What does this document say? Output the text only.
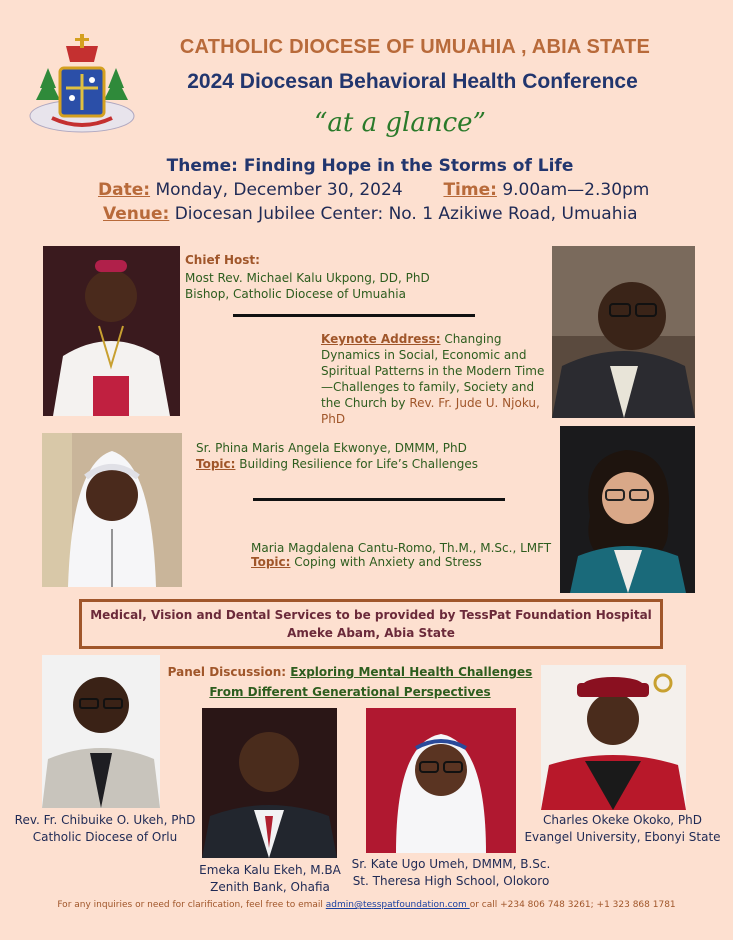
CATHOLIC DIOCESE OF UMUAHIA , ABIA STATE
2024 Diocesan Behavioral Health Conference
“at a glance”
Theme: Finding Hope in the Storms of Life
Date: Monday, December 30, 2024 Time: 9.00am—2.30pm
Venue: Diocesan Jubilee Center: No. 1 Azikiwe Road, Umuahia
Chief Host:
Most Rev. Michael Kalu Ukpong, DD, PhD
Bishop, Catholic Diocese of Umuahia
Keynote Address: Changing Dynamics in Social, Economic and Spiritual Patterns in the Modern Time—Challenges to family, Society and the Church by Rev. Fr. Jude U. Njoku, PhD
Sr. Phina Maris Angela Ekwonye, DMMM, PhD
Topic: Building Resilience for Life’s Challenges
Maria Magdalena Cantu-Romo, Th.M., M.Sc., LMFT
Topic: Coping with Anxiety and Stress
Medical, Vision and Dental Services to be provided by TessPat Foundation Hospital
Ameke Abam, Abia State
Panel Discussion: Exploring Mental Health Challenges
From Different Generational Perspectives
Rev. Fr. Chibuike O. Ukeh, PhD
Catholic Diocese of Orlu
Emeka Kalu Ekeh, M.BA
Zenith Bank, Ohafia
Sr. Kate Ugo Umeh, DMMM, B.Sc.
St. Theresa High School, Olokoro
Charles Okeke Okoko, PhD
Evangel University, Ebonyi State
For any inquiries or need for clarification, feel free to email admin@tesspatfoundation.com or call +234 806 748 3261; +1 323 868 1781
